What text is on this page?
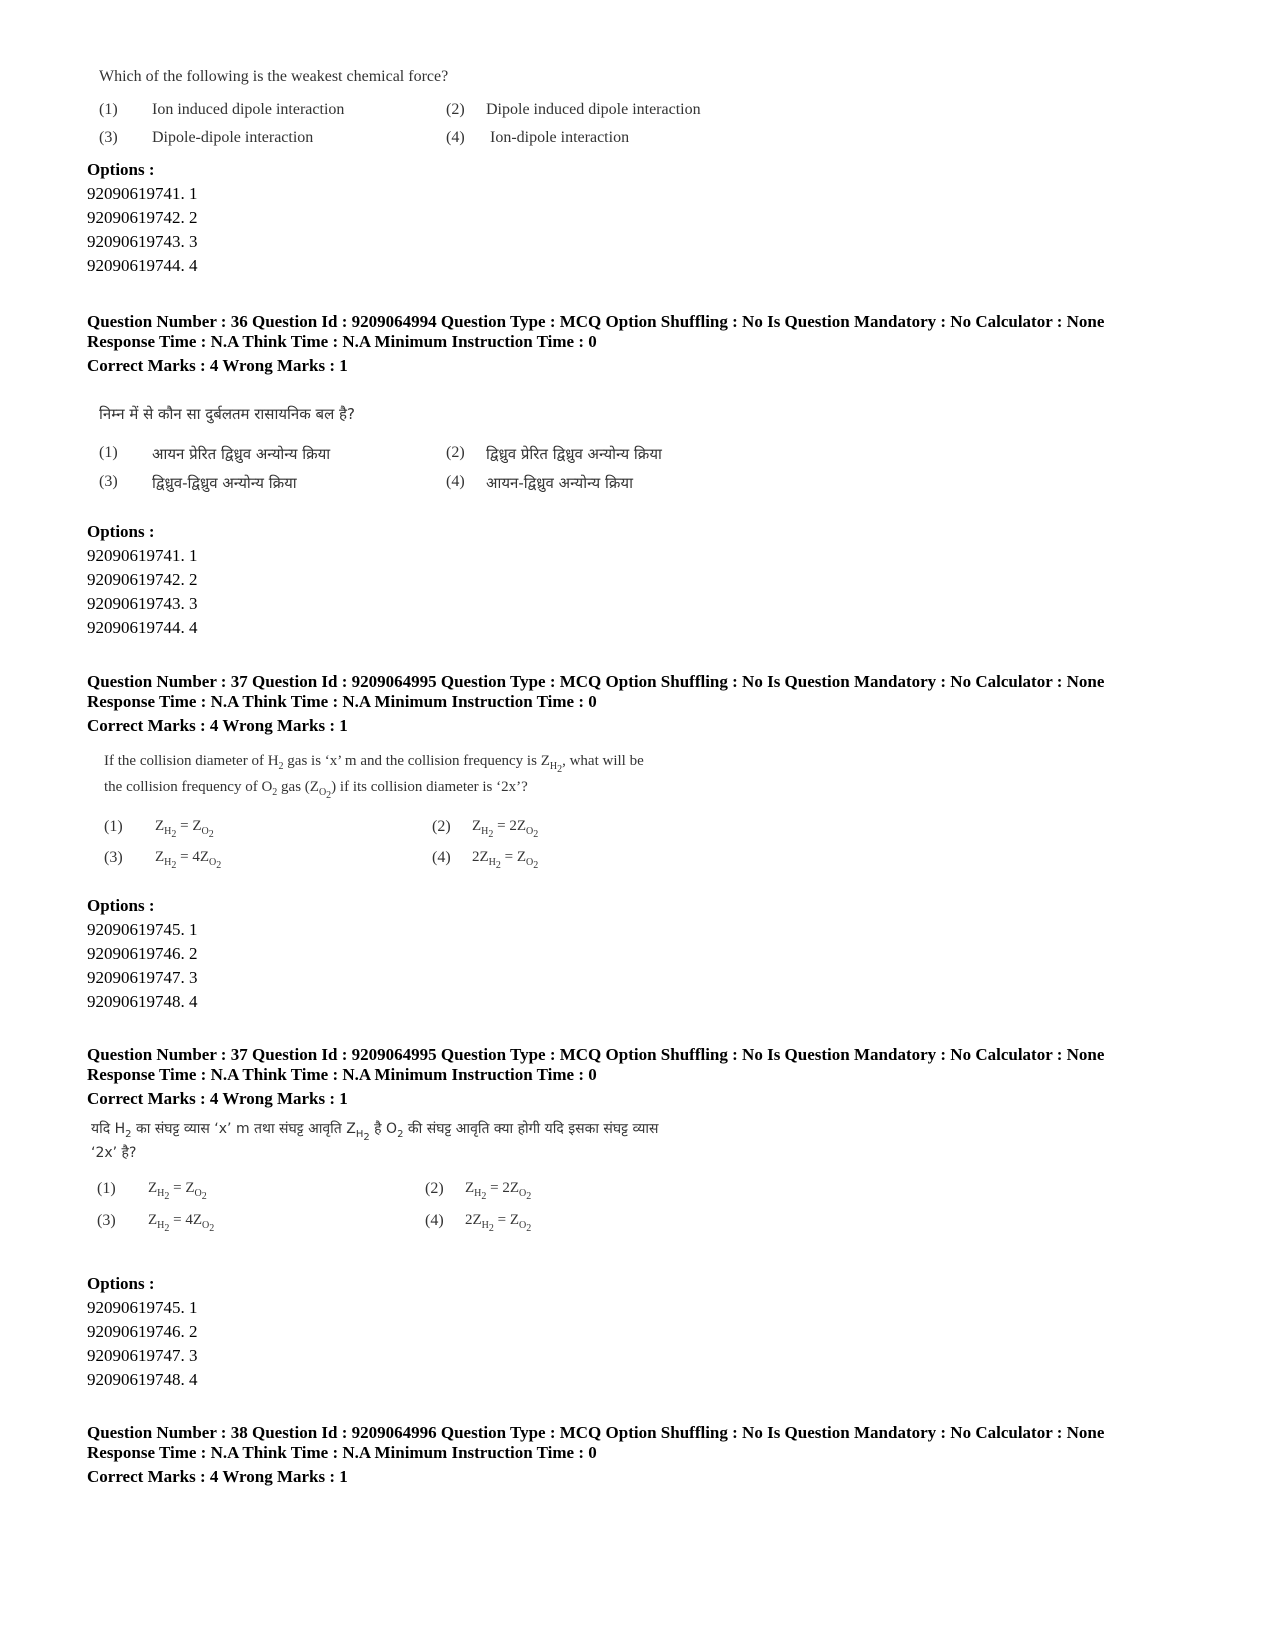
Which of the following is the weakest chemical force?
(1) Ion induced dipole interaction	(2) Dipole induced dipole interaction
(3) Dipole-dipole interaction	(4) Ion-dipole interaction
Options :
92090619741. 1
92090619742. 2
92090619743. 3
92090619744. 4
Question Number : 36 Question Id : 9209064994 Question Type : MCQ Option Shuffling : No Is Question Mandatory : No Calculator : None
Response Time : N.A Think Time : N.A Minimum Instruction Time : 0
Correct Marks : 4 Wrong Marks : 1
निम्न में से कौन सा दुर्बलतम रासायनिक बल है?
(1) आयन प्रेरित द्विध्रुव अन्योन्य क्रिया	(2) द्विध्रुव प्रेरित द्विध्रुव अन्योन्य क्रिया
(3) द्विध्रुव-द्विध्रुव अन्योन्य क्रिया	(4) आयन-द्विध्रुव अन्योन्य क्रिया
Options :
92090619741. 1
92090619742. 2
92090619743. 3
92090619744. 4
Question Number : 37 Question Id : 9209064995 Question Type : MCQ Option Shuffling : No Is Question Mandatory : No Calculator : None
Response Time : N.A Think Time : N.A Minimum Instruction Time : 0
Correct Marks : 4 Wrong Marks : 1
If the collision diameter of $H_2$ gas is ‘x’ m and the collision frequency is $Z_{H_2}$, what will be
the collision frequency of $O_2$ gas $(Z_{O_2})$ if its collision diameter is ‘2x’?
(1) $Z_{H_2} = Z_{O_2}$	(2) $Z_{H_2} = 2Z_{O_2}$
(3) $Z_{H_2} = 4Z_{O_2}$	(4) $2Z_{H_2} = Z_{O_2}$
Options :
92090619745. 1
92090619746. 2
92090619747. 3
92090619748. 4
Question Number : 37 Question Id : 9209064995 Question Type : MCQ Option Shuffling : No Is Question Mandatory : No Calculator : None
Response Time : N.A Think Time : N.A Minimum Instruction Time : 0
Correct Marks : 4 Wrong Marks : 1
यदि $H_2$ का संघट्ट व्यास ‘x’ m तथा संघट्ट आवृति $Z_{H_2}$ है $O_2$ की संघट्ट आवृति क्या होगी यदि इसका संघट्ट व्यास
‘2x’ है?
(1) $Z_{H_2} = Z_{O_2}$	(2) $Z_{H_2} = 2Z_{O_2}$
(3) $Z_{H_2} = 4Z_{O_2}$	(4) $2Z_{H_2} = Z_{O_2}$
Options :
92090619745. 1
92090619746. 2
92090619747. 3
92090619748. 4
Question Number : 38 Question Id : 9209064996 Question Type : MCQ Option Shuffling : No Is Question Mandatory : No Calculator : None
Response Time : N.A Think Time : N.A Minimum Instruction Time : 0
Correct Marks : 4 Wrong Marks : 1
